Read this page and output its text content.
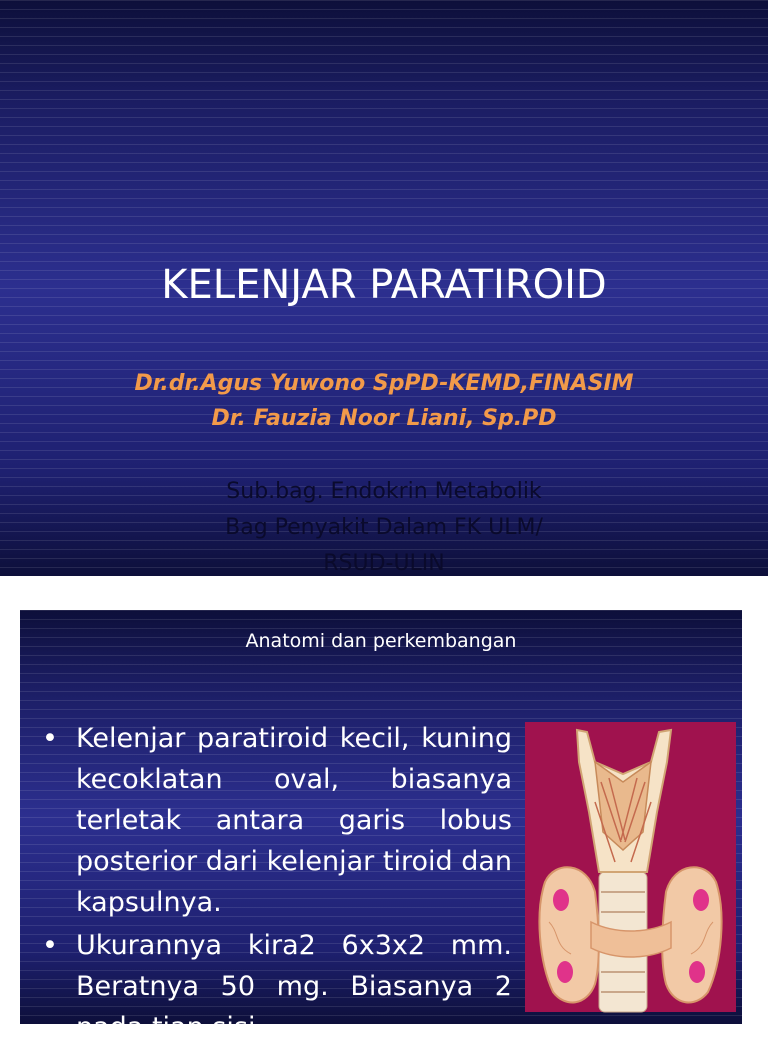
KELENJAR PARATIROID
Dr.dr.Agus Yuwono SpPD-KEMD,FINASIM
Dr. Fauzia Noor Liani, Sp.PD
Sub.bag. Endokrin Metabolik
Bag Penyakit Dalam FK ULM/
RSUD-ULIN
Anatomi dan perkembangan
• Kelenjar paratiroid kecil, kuning kecoklatan oval, biasanya terletak antara garis lobus posterior dari kelenjar tiroid dan kapsulnya.
• Ukurannya kira2 6x3x2 mm. Beratnya 50 mg. Biasanya 2 pada tiap sisi
